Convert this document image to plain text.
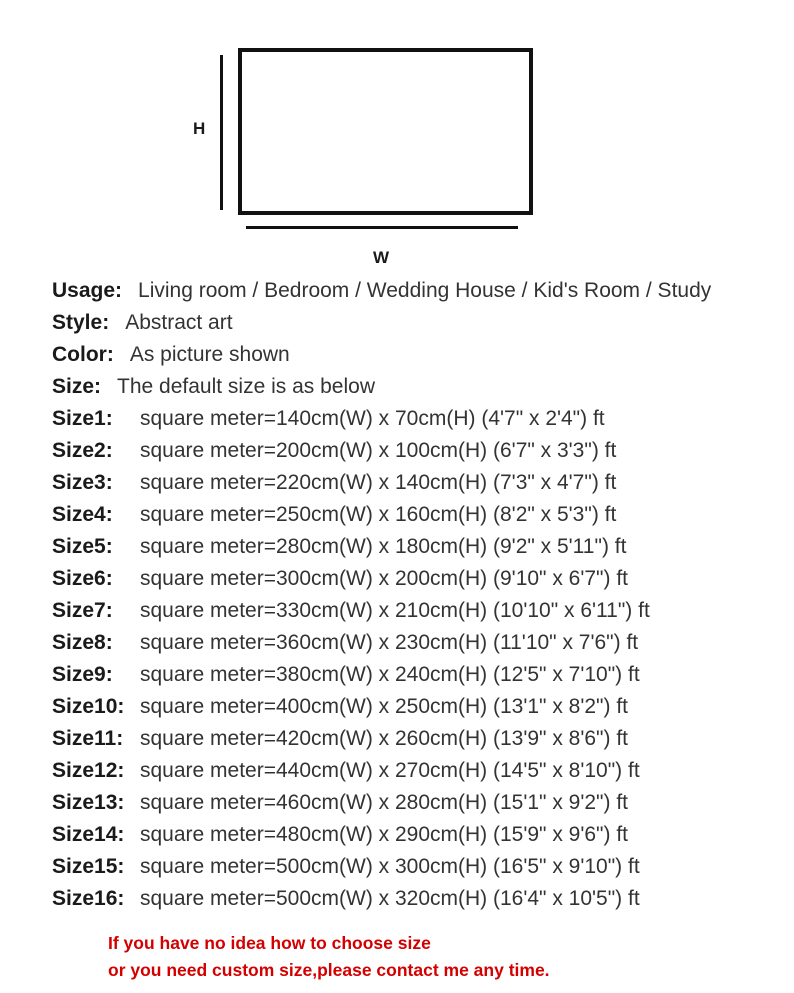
H
W
Usage: Living room / Bedroom / Wedding House / Kid's Room / Study
Style: Abstract art
Color: As picture shown
Size: The default size is as below
Size1:	square meter=140cm(W) x 70cm(H) (4'7" x 2'4") ft
Size2:	square meter=200cm(W) x 100cm(H) (6'7" x 3'3") ft
Size3:	square meter=220cm(W) x 140cm(H) (7'3" x 4'7") ft
Size4:	square meter=250cm(W) x 160cm(H) (8'2" x 5'3") ft
Size5:	square meter=280cm(W) x 180cm(H) (9'2" x 5'11") ft
Size6:	square meter=300cm(W) x 200cm(H) (9'10" x 6'7") ft
Size7:	square meter=330cm(W) x 210cm(H) (10'10" x 6'11") ft
Size8:	square meter=360cm(W) x 230cm(H) (11'10" x 7'6") ft
Size9:	square meter=380cm(W) x 240cm(H) (12'5" x 7'10") ft
Size10: square meter=400cm(W) x 250cm(H) (13'1" x 8'2") ft
Size11: square meter=420cm(W) x 260cm(H) (13'9" x 8'6") ft
Size12: square meter=440cm(W) x 270cm(H) (14'5" x 8'10") ft
Size13: square meter=460cm(W) x 280cm(H) (15'1" x 9'2") ft
Size14: square meter=480cm(W) x 290cm(H) (15'9" x 9'6") ft
Size15: square meter=500cm(W) x 300cm(H) (16'5" x 9'10") ft
Size16: square meter=500cm(W) x 320cm(H) (16'4" x 10'5") ft
If you have no idea how to choose size
or you need custom size,please contact me any time.
